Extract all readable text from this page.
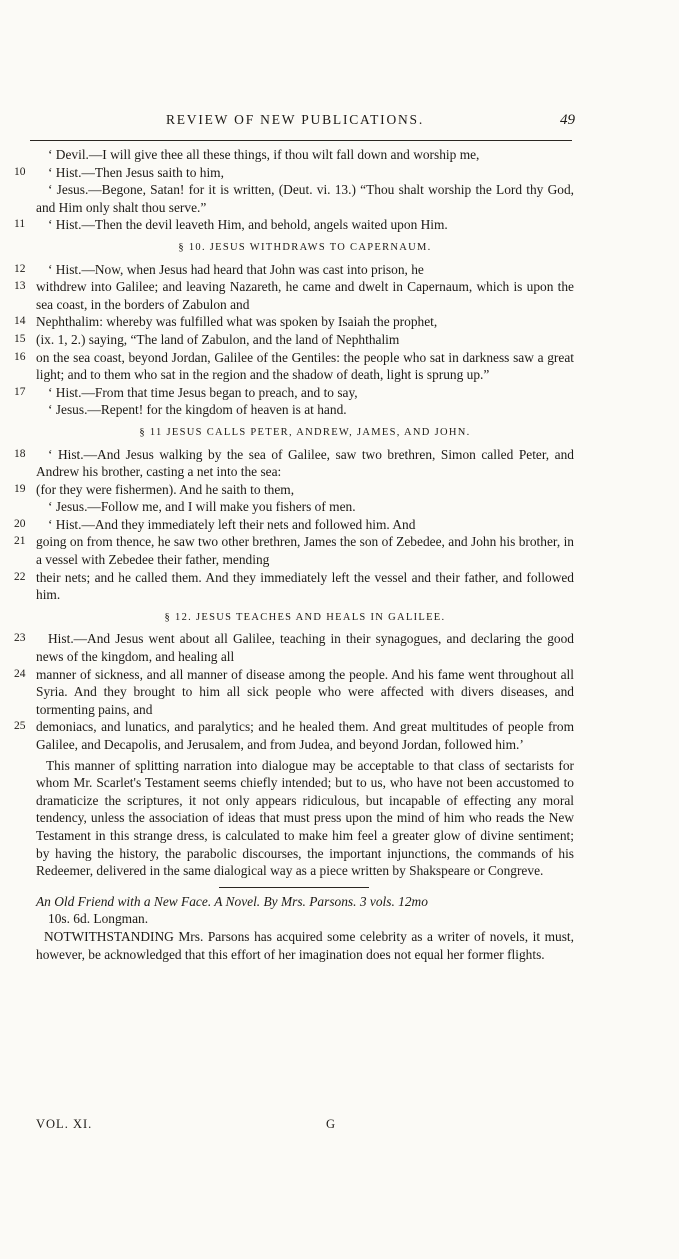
REVIEW OF NEW PUBLICATIONS.	49
‘ Devil.—I will give thee all these things, if thou wilt fall down and worship me,
10	‘ Hist.—Then Jesus saith to him,
‘ Jesus.—Begone, Satan! for it is written, (Deut. vi. 13.) “Thou shalt worship the Lord thy God, and Him only shalt thou serve.”
11	‘ Hist.—Then the devil leaveth Him, and behold, angels waited upon Him.
§ 10. JESUS WITHDRAWS TO CAPERNAUM.
12	‘ Hist.—Now, when Jesus had heard that John was cast into prison, he
13 withdrew into Galilee; and leaving Nazareth, he came and dwelt in Capernaum, which is upon the sea coast, in the borders of Zabulon and
14 Nephthalim: whereby was fulfilled what was spoken by Isaiah the prophet,
15 (ix. 1, 2.) saying, “The land of Zabulon, and the land of Nephthalim
16 on the sea coast, beyond Jordan, Galilee of the Gentiles: the people who sat in darkness saw a great light; and to them who sat in the region and the shadow of death, light is sprung up.”
17	‘ Hist.—From that time Jesus began to preach, and to say,
‘ Jesus.—Repent! for the kingdom of heaven is at hand.
§ 11 JESUS CALLS PETER, ANDREW, JAMES, AND JOHN.
18	‘ Hist.—And Jesus walking by the sea of Galilee, saw two brethren, Simon called Peter, and Andrew his brother, casting a net into the sea:
19 (for they were fishermen). And he saith to them,
‘ Jesus.—Follow me, and I will make you fishers of men.
20	‘ Hist.—And they immediately left their nets and followed him. And
21 going on from thence, he saw two other brethren, James the son of Zebedee, and John his brother, in a vessel with Zebedee their father, mending
22 their nets; and he called them. And they immediately left the vessel and their father, and followed him.
§ 12. JESUS TEACHES AND HEALS IN GALILEE.
23	Hist.—And Jesus went about all Galilee, teaching in their synagogues, and declaring the good news of the kingdom, and healing all
24 manner of sickness, and all manner of disease among the people. And his fame went throughout all Syria. And they brought to him all sick people who were affected with divers diseases, and tormenting pains, and
25 demoniacs, and lunatics, and paralytics; and he healed them. And great multitudes of people from Galilee, and Decapolis, and Jerusalem, and from Judea, and beyond Jordan, followed him.’
This manner of splitting narration into dialogue may be acceptable to that class of sectarists for whom Mr. Scarlet's Testament seems chiefly intended; but to us, who have not been accustomed to dramaticize the scriptures, it not only appears ridiculous, but incapable of effecting any moral tendency, unless the association of ideas that must press upon the mind of him who reads the New Testament in this strange dress, is calculated to make him feel a greater glow of divine sentiment; by having the history, the parabolic discourses, the important injunctions, the commands of his Redeemer, delivered in the same dialogical way as a piece written by Shakspeare or Congreve.
An Old Friend with a New Face. A Novel. By Mrs. Parsons. 3 vols. 12mo
10s. 6d. Longman.
NOTWITHSTANDING Mrs. Parsons has acquired some celebrity as a writer of novels, it must, however, be acknowledged that this effort of her imagination does not equal her former flights.
VOL. XI.	G
